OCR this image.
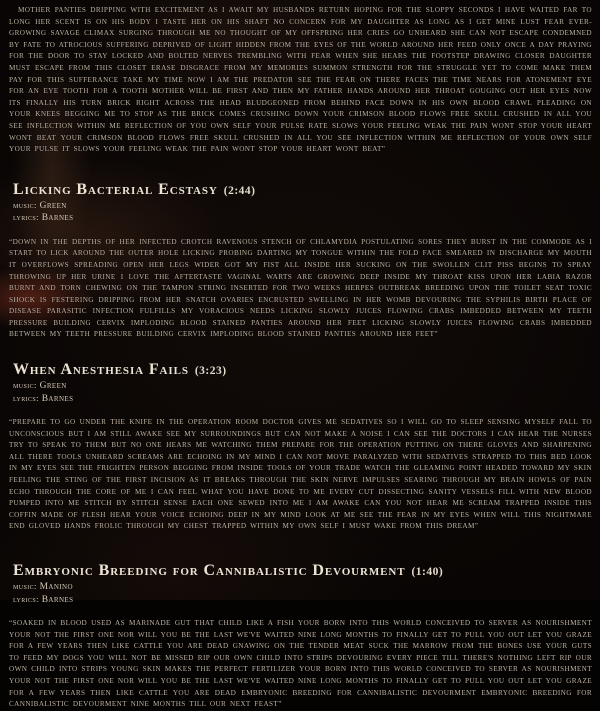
MOTHER PANTIES DRIPPING WITH EXCITEMENT AS I AWAIT MY HUSBANDS RETURN HOPING FOR THE SLOPPY SECONDS I HAVE WAITED FAR TO LONG HER SCENT IS ON HIS BODY I TASTE HER ON HIS SHAFT NO CONCERN FOR MY DAUGHTER AS LONG AS I GET MINE LUST FEAR EVER-GROWING SAVAGE CLIMAX SURGING THROUGH ME NO THOUGHT OF MY OFFSPRING HER CRIES GO UNHEARD SHE CAN NOT ESCAPE CONDEMNED BY FATE TO ATROCIOUS SUFFERING DEPRIVED OF LIGHT HIDDEN FROM THE EYES OF THE WORLD AROUND HER FEED ONLY ONCE A DAY PRAYING FOR THE DOOR TO STAY LOCKED AND BOLTED NERVES TREMBLING WITH FEAR WHEN SHE HEARS THE FOOTSTEP DRAWING CLOSER DAUGHTER MUST ESCAPE FROM THIS CLOSET ERASE DISGRACE FROM MY MEMORIES SUMMON STRENGTH FOR THE STRUGGLE YET TO COME MAKE THEM PAY FOR THIS SUFFERANCE TAKE MY TIME NOW I AM THE PREDATOR SEE THE FEAR ON THERE FACES THE TIME NEARS FOR ATONEMENT EYE FOR AN EYE TOOTH FOR A TOOTH MOTHER WILL BE FIRST AND THEN MY FATHER HANDS AROUND HER THROAT GOUGING OUT HER EYES NOW ITS FINALLY HIS TURN BRICK RIGHT ACROSS THE HEAD BLUDGEONED FROM BEHIND FACE DOWN IN HIS OWN BLOOD CRAWL PLEADING ON YOUR KNEES BEGGING ME TO STOP AS THE BRICK COMES CRUSHING DOWN YOUR CRIMSON BLOOD FLOWS FREE SKULL CRUSHED IN ALL YOU SEE INFLECTION WITHIN ME REFLECTION OF YOU OWN SELF YOUR PULSE RATE SLOWS YOUR FEELING WEAK THE PAIN WONT STOP YOUR HEART WONT BEAT YOUR CRIMSON BLOOD FLOWS FREE SKULL CRUSHED IN ALL YOU SEE INFLECTION WITHIN ME REFLECTION OF YOUR OWN SELF YOUR PULSE IT SLOWS YOUR FEELING WEAK THE PAIN WONT STOP YOUR HEART WONT BEAT”

Licking Bacterial Ecstasy (2:44)
music: Green
lyrics: Barnes

“DOWN IN THE DEPTHS OF HER INFECTED CROTCH RAVENOUS STENCH OF CHLAMYDIA POSTULATING SORES THEY BURST IN THE COMMODE AS I START TO LICK AROUND THE OUTER HOLE LICKING PROBING DARTING MY TONGUE WITHIN THE FOLD FACE SMEARED IN DISCHARGE MY MOUTH IT OVERFLOWS SPREADING OPEN HER LEGS WIDER GOT MY FIST ALL INSIDE HER SUCKING ON THE SWOLLEN CLIT PISS BEGINS TO SPRAY THROWING UP HER URINE I LOVE THE AFTERTASTE VAGINAL WARTS ARE GROWING DEEP INSIDE MY THROAT KISS UPON HER LABIA RAZOR BURNT AND TORN CHEWING ON THE TAMPON STRING INSERTED FOR TWO WEEKS HERPES OUTBREAK BREEDING UPON THE TOILET SEAT TOXIC SHOCK IS FESTERING DRIPPING FROM HER SNATCH OVARIES ENCRUSTED SWELLING IN HER WOMB DEVOURING THE SYPHILIS BIRTH PLACE OF DISEASE PARASITIC INFECTION FULFILLS MY VORACIOUS NEEDS LICKING SLOWLY JUICES FLOWING CRABS IMBEDDED BETWEEN MY TEETH PRESSURE BUILDING CERVIX IMPLODING BLOOD STAINED PANTIES AROUND HER FEET LICKING SLOWLY JUICES FLOWING CRABS IMBEDDED BETWEEN MY TEETH PRESSURE BUILDING CERVIX IMPLODING BLOOD STAINED PANTIES AROUND HER FEET”

When Anesthesia Fails (3:23)
music: Green
lyrics: Barnes

“PREPARE TO GO UNDER THE KNIFE IN THE OPERATION ROOM DOCTOR GIVES ME SEDATIVES SO I WILL GO TO SLEEP SENSING MYSELF FALL TO UNCONSCIOUS BUT I AM STILL AWAKE SEE MY SURROUNDINGS BUT CAN NOT MAKE A NOISE I CAN SEE THE DOCTORS I CAN HEAR THE NURSES TRY TO SPEAK TO THEM BUT NO ONE HEARS ME WATCHING THEM PREPARE FOR THE OPERATION PUTTING ON THERE GLOVES AND SHARPENING ALL THERE TOOLS UNHEARD SCREAMS ARE ECHOING IN MY MIND I CAN NOT MOVE PARALYZED WITH SEDATIVES STRAPPED TO THIS BED LOOK IN MY EYES SEE THE FRIGHTEN PERSON BEGGING FROM INSIDE TOOLS OF YOUR TRADE WATCH THE GLEAMING POINT HEADED TOWARD MY SKIN FEELING THE STING OF THE FIRST INCISION AS IT BREAKS THROUGH THE SKIN NERVE IMPULSES SEARING THROUGH MY BRAIN HOWLS OF PAIN ECHO THROUGH THE CORE OF ME I CAN FEEL WHAT YOU HAVE DONE TO ME EVERY CUT DISSECTING SANITY VESSELS FILL WITH NEW BLOOD PUMPED INTO ME STITCH BY STITCH SENSE EACH ONE SEWED INTO ME I AM AWAKE CAN YOU NOT HEAR ME SCREAM TRAPPED INSIDE THIS COFFIN MADE OF FLESH HEAR YOUR VOICE ECHOING DEEP IN MY MIND LOOK AT ME SEE THE FEAR IN MY EYES WHEN WILL THIS NIGHTMARE END GLOVED HANDS FROLIC THROUGH MY CHEST TRAPPED WITHIN MY OWN SELF I MUST WAKE FROM THIS DREAM”

Embryonic Breeding for Cannibalistic Devourment (1:40)
music: Manino
lyrics: Barnes

“SOAKED IN BLOOD USED AS MARINADE GUT THAT CHILD LIKE A FISH YOUR BORN INTO THIS WORLD CONCEIVED TO SERVER AS NOURISHMENT YOUR NOT THE FIRST ONE NOR WILL YOU BE THE LAST WE'VE WAITED NINE LONG MONTHS TO FINALLY GET TO PULL YOU OUT LET YOU GRAZE FOR A FEW YEARS THEN LIKE CATTLE YOU ARE DEAD GNAWING ON THE TENDER MEAT SUCK THE MARROW FROM THE BONES USE YOUR GUTS TO FEED MY DOGS YOU WILL NOT BE MISSED RIP OUR OWN CHILD INTO STRIPS DEVOURING EVERY PIECE TILL THERE'S NOTHING LEFT RIP OUR OWN CHILD INTO STRIPS YOUNG SKIN MAKES THE PERFECT FERTILIZER YOUR BORN INTO THIS WORLD CONCEIVED TO SERVER AS NOURISHMENT YOUR NOT THE FIRST ONE NOR WILL YOU BE THE LAST WE'VE WAITED NINE LONG MONTHS TO FINALLY GET TO PULL YOU OUT LET YOU GRAZE FOR A FEW YEARS THEN LIKE CATTLE YOU ARE DEAD EMBRYONIC BREEDING FOR CANNIBALISTIC DEVOURMENT EMBRYONIC BREEDING FOR CANNIBALISTIC DEVOURMENT NINE MONTHS TILL OUR NEXT FEAST”
